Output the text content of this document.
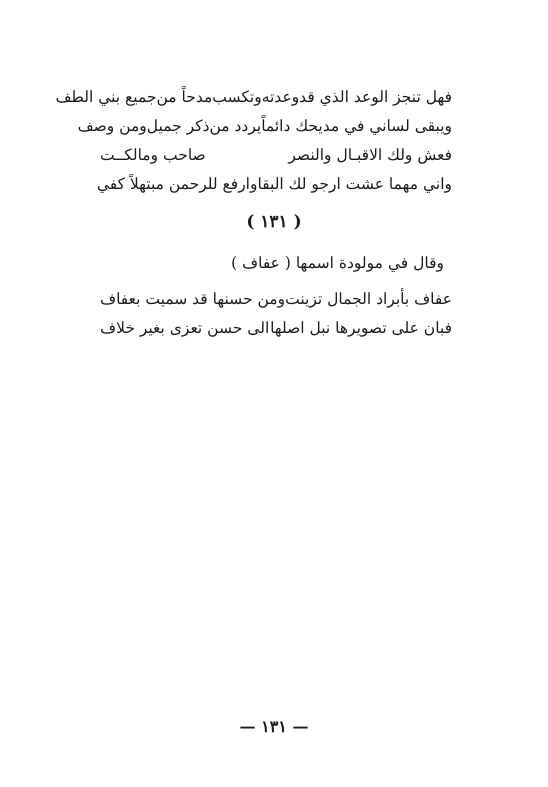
فهل تنجز الوعد الذي قدوعدته
وتكسب‌مدحاً من‌جميع بني الطف
ويبقى لساني في مديحك دائماً
يردد من‌ذكر جميل‌ومن وصف
فعش ولك الاقبـال والنصر
صاحب ومالكــت
واني مهما عشت ارجو لك البقا
وارفع للرحمن مبتهلاً كفي
( ١٣١ )
وقال في مولودة اسمها ( عفاف )
عفاف بأبراد الجمال تزينت
ومن حسنها قد سميت بعفاف
فبان على تصويرها نبل اصلها
الى حسن تعزى بغير خلاف
— ١٣١ —
